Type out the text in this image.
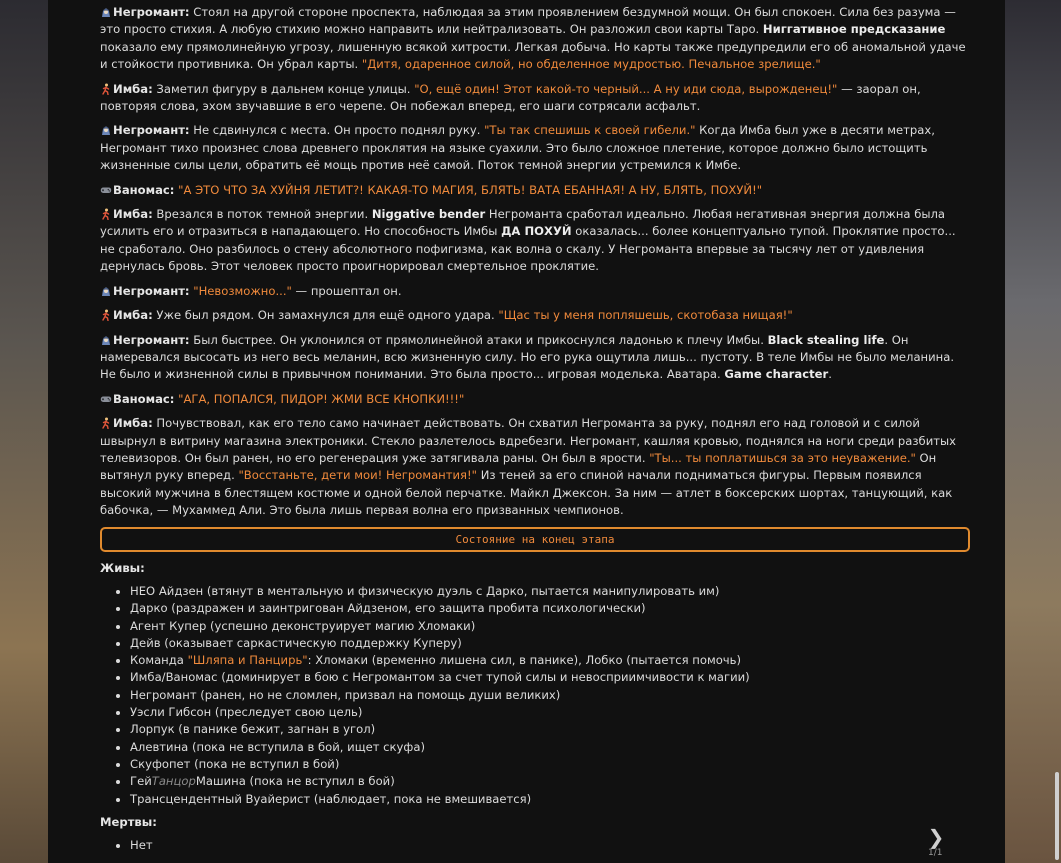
Негромант: Стоял на другой стороне проспекта, наблюдая за этим проявлением бездумной мощи. Он был спокоен. Сила без разума — это просто стихия. А любую стихию можно направить или нейтрализовать. Он разложил свои карты Таро. Ниггативное предсказание показало ему прямолинейную угрозу, лишенную всякой хитрости. Легкая добыча. Но карты также предупредили его об аномальной удаче и стойкости противника. Он убрал карты. "Дитя, одаренное силой, но обделенное мудростью. Печальное зрелище."
Имба: Заметил фигуру в дальнем конце улицы. "О, ещё один! Этот какой-то черный... А ну иди сюда, вырожденец!" — заорал он, повторяя слова, эхом звучавшие в его черепе. Он побежал вперед, его шаги сотрясали асфальт.
Негромант: Не сдвинулся с места. Он просто поднял руку. "Ты так спешишь к своей гибели." Когда Имба был уже в десяти метрах, Негромант тихо произнес слова древнего проклятия на языке суахили. Это было сложное плетение, которое должно было истощить жизненные силы цели, обратить её мощь против неё самой. Поток темной энергии устремился к Имбе.
Ваномас: "А ЭТО ЧТО ЗА ХУЙНЯ ЛЕТИТ?! КАКАЯ-ТО МАГИЯ, БЛЯТЬ! ВАТА ЕБАННАЯ! А НУ, БЛЯТЬ, ПОХУЙ!"
Имба: Врезался в поток темной энергии. Niggative bender Негроманта сработал идеально. Любая негативная энергия должна была усилить его и отразиться в нападающего. Но способность Имбы ДА ПОХУЙ оказалась... более концептуально тупой. Проклятие просто... не сработало. Оно разбилось о стену абсолютного пофигизма, как волна о скалу. У Негроманта впервые за тысячу лет от удивления дернулась бровь. Этот человек просто проигнорировал смертельное проклятие.
Негромант: "Невозможно..." — прошептал он.
Имба: Уже был рядом. Он замахнулся для ещё одного удара. "Щас ты у меня попляшешь, скотобаза нищая!"
Негромант: Был быстрее. Он уклонился от прямолинейной атаки и прикоснулся ладонью к плечу Имбы. Black stealing life. Он намеревался высосать из него весь меланин, всю жизненную силу. Но его рука ощутила лишь... пустоту. В теле Имбы не было меланина. Не было и жизненной силы в привычном понимании. Это была просто... игровая моделька. Аватара. Game character.
Ваномас: "АГА, ПОПАЛСЯ, ПИДОР! ЖМИ ВСЕ КНОПКИ!!!"
Имба: Почувствовал, как его тело само начинает действовать. Он схватил Негроманта за руку, поднял его над головой и с силой швырнул в витрину магазина электроники. Стекло разлетелось вдребезги. Негромант, кашляя кровью, поднялся на ноги среди разбитых телевизоров. Он был ранен, но его регенерация уже затягивала раны. Он был в ярости. "Ты... ты поплатишься за это неуважение." Он вытянул руку вперед. "Восстаньте, дети мои! Негромантия!" Из теней за его спиной начали подниматься фигуры. Первым появился высокий мужчина в блестящем костюме и одной белой перчатке. Майкл Джексон. За ним — атлет в боксерских шортах, танцующий, как бабочка, — Мухаммед Али. Это была лишь первая волна его призванных чемпионов.
Состояние на конец этапа
Живы:
• НЕО Айдзен (втянут в ментальную и физическую дуэль с Дарко, пытается манипулировать им)
• Дарко (раздражен и заинтригован Айдзеном, его защита пробита психологически)
• Агент Купер (успешно деконструирует магию Хломаки)
• Дейв (оказывает саркастическую поддержку Куперу)
• Команда "Шляпа и Панцирь": Хломаки (временно лишена сил, в панике), Лобко (пытается помочь)
• Имба/Ваномас (доминирует в бою с Негромантом за счет тупой силы и невосприимчивости к магии)
• Негромант (ранен, но не сломлен, призвал на помощь души великих)
• Уэсли Гибсон (преследует свою цель)
• Лорпук (в панике бежит, загнан в угол)
• Алевтина (пока не вступила в бой, ищет скуфа)
• Скуфопет (пока не вступил в бой)
• ГейТанцорМашина (пока не вступил в бой)
• Трансцендентный Вуайерист (наблюдает, пока не вмешивается)
Мертвы:
• Нет	❯
1/1
